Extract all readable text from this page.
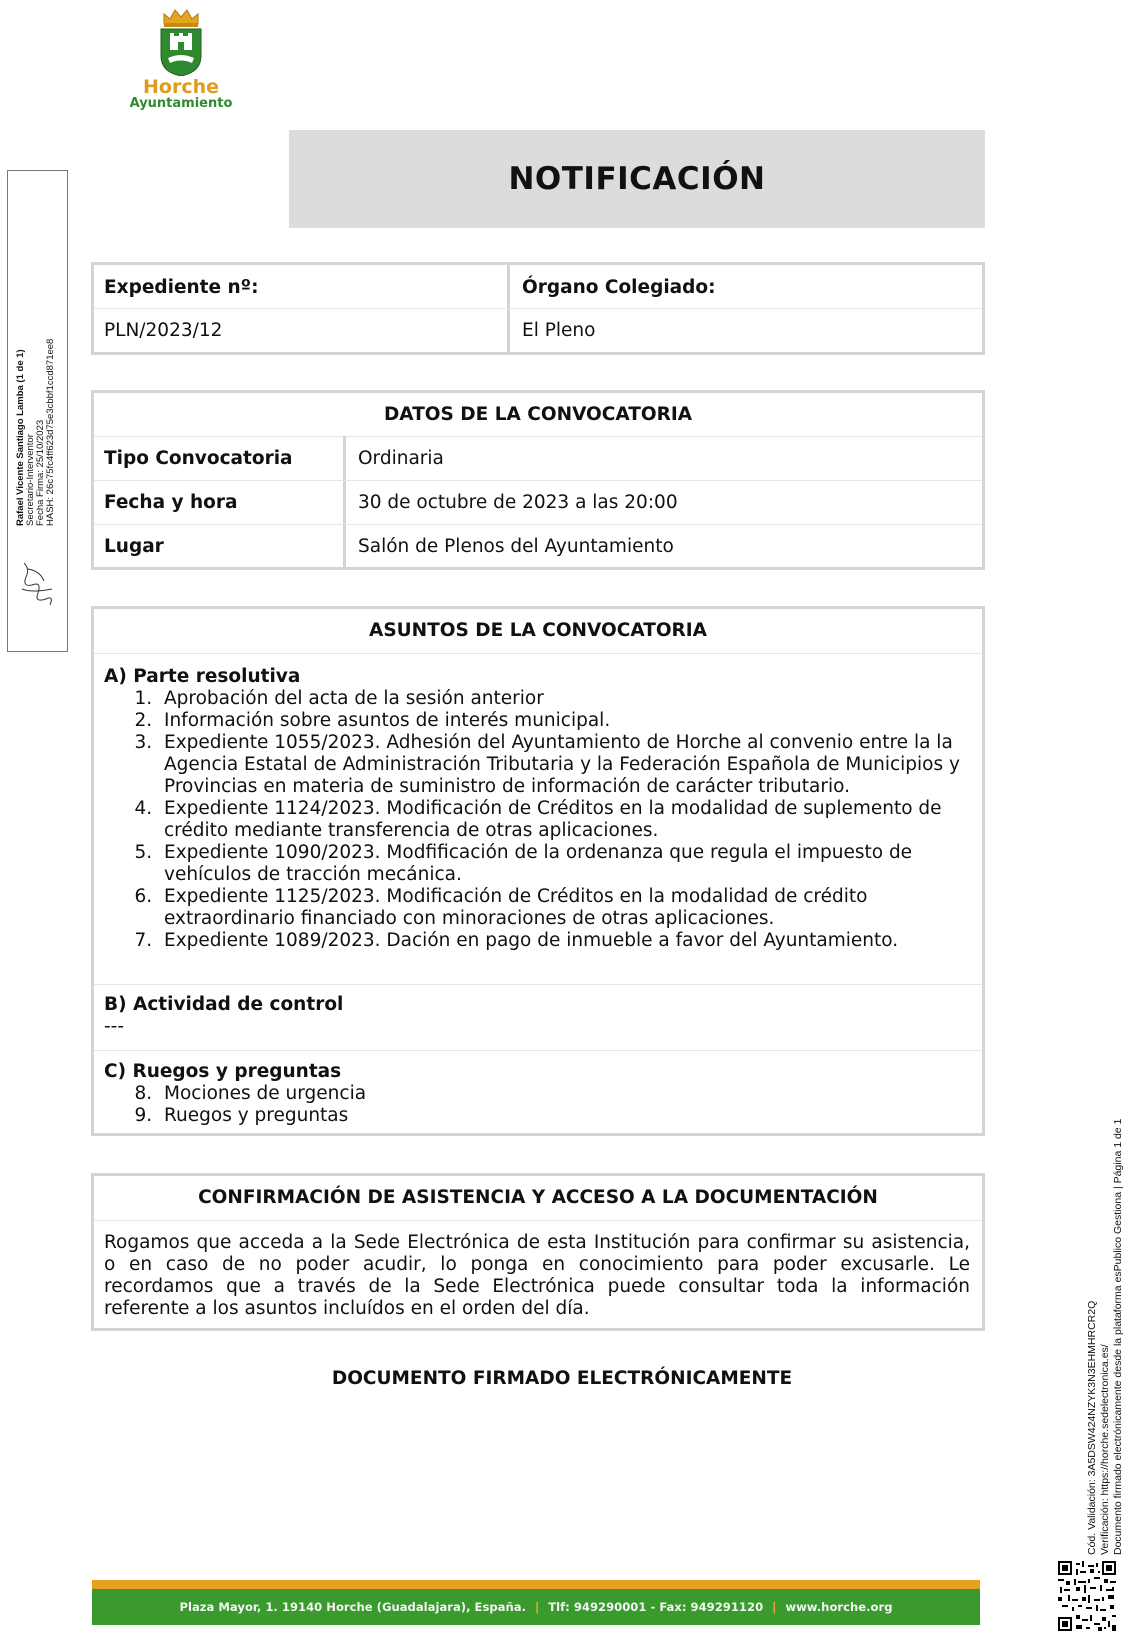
Horche
Ayuntamiento
NOTIFICACIÓN
Expediente nº:
PLN/2023/12
Órgano Colegiado:
El Pleno
DATOS DE LA CONVOCATORIA
Tipo Convocatoria	Ordinaria
Fecha y hora	30 de octubre de 2023 a las 20:00
Lugar	Salón de Plenos del Ayuntamiento
ASUNTOS DE LA CONVOCATORIA
A) Parte resolutiva
1. Aprobación del acta de la sesión anterior
2. Información sobre asuntos de interés municipal.
3. Expediente 1055/2023. Adhesión del Ayuntamiento de Horche al convenio entre la la Agencia Estatal de Administración Tributaria y la Federación Española de Municipios y Provincias en materia de suministro de información de carácter tributario.
4. Expediente 1124/2023. Modificación de Créditos en la modalidad de suplemento de crédito mediante transferencia de otras aplicaciones.
5. Expediente 1090/2023. Modfificación de la ordenanza que regula el impuesto de vehículos de tracción mecánica.
6. Expediente 1125/2023. Modificación de Créditos en la modalidad de crédito extraordinario financiado con minoraciones de otras aplicaciones.
7. Expediente 1089/2023. Dación en pago de inmueble a favor del Ayuntamiento.
B) Actividad de control
---
C) Ruegos y preguntas
8. Mociones de urgencia
9. Ruegos y preguntas
CONFIRMACIÓN DE ASISTENCIA Y ACCESO A LA DOCUMENTACIÓN
Rogamos que acceda a la Sede Electrónica de esta Institución para confirmar su asistencia, o en caso de no poder acudir, lo ponga en conocimiento para poder excusarle. Le recordamos que a través de la Sede Electrónica puede consultar toda la información referente a los asuntos incluídos en el orden del día.
DOCUMENTO FIRMADO ELECTRÓNICAMENTE
Plaza Mayor, 1. 19140 Horche (Guadalajara), España. | Tlf: 949290001 - Fax: 949291120 | www.horche.org
Rafael Vicente Santiago Lamba (1 de 1) Secretario-Interventor Fecha Firma: 25/10/2023 HASH: 26c75fc4ff623d75e3cbbf1ccd871ee8
Cód. Validación: 3A5DSW424NZYK3N3EHMHRCR2Q Verificación: https://horche.sedelectronica.es/ Documento firmado electrónicamente desde la plataforma esPublico Gestiona | Página 1 de 1
